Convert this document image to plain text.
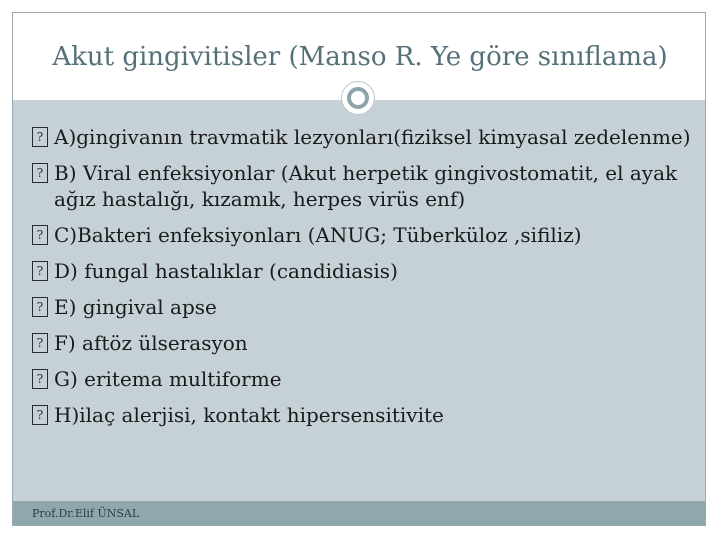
Akut gingivitisler (Manso R. Ye göre sınıflama)
? A)gingivanın travmatik lezyonları(fiziksel kimyasal zedelenme)
? B) Viral enfeksiyonlar (Akut herpetik gingivostomatit, el ayak ağız hastalığı, kızamık, herpes virüs enf)
? C)Bakteri enfeksiyonları (ANUG; Tüberküloz ,sifiliz)
? D) fungal hastalıklar (candidiasis)
? E) gingival apse
? F) aftöz ülserasyon
? G) eritema multiforme
? H)ilaç alerjisi, kontakt hipersensitivite
Prof.Dr.Elif ÜNSAL
